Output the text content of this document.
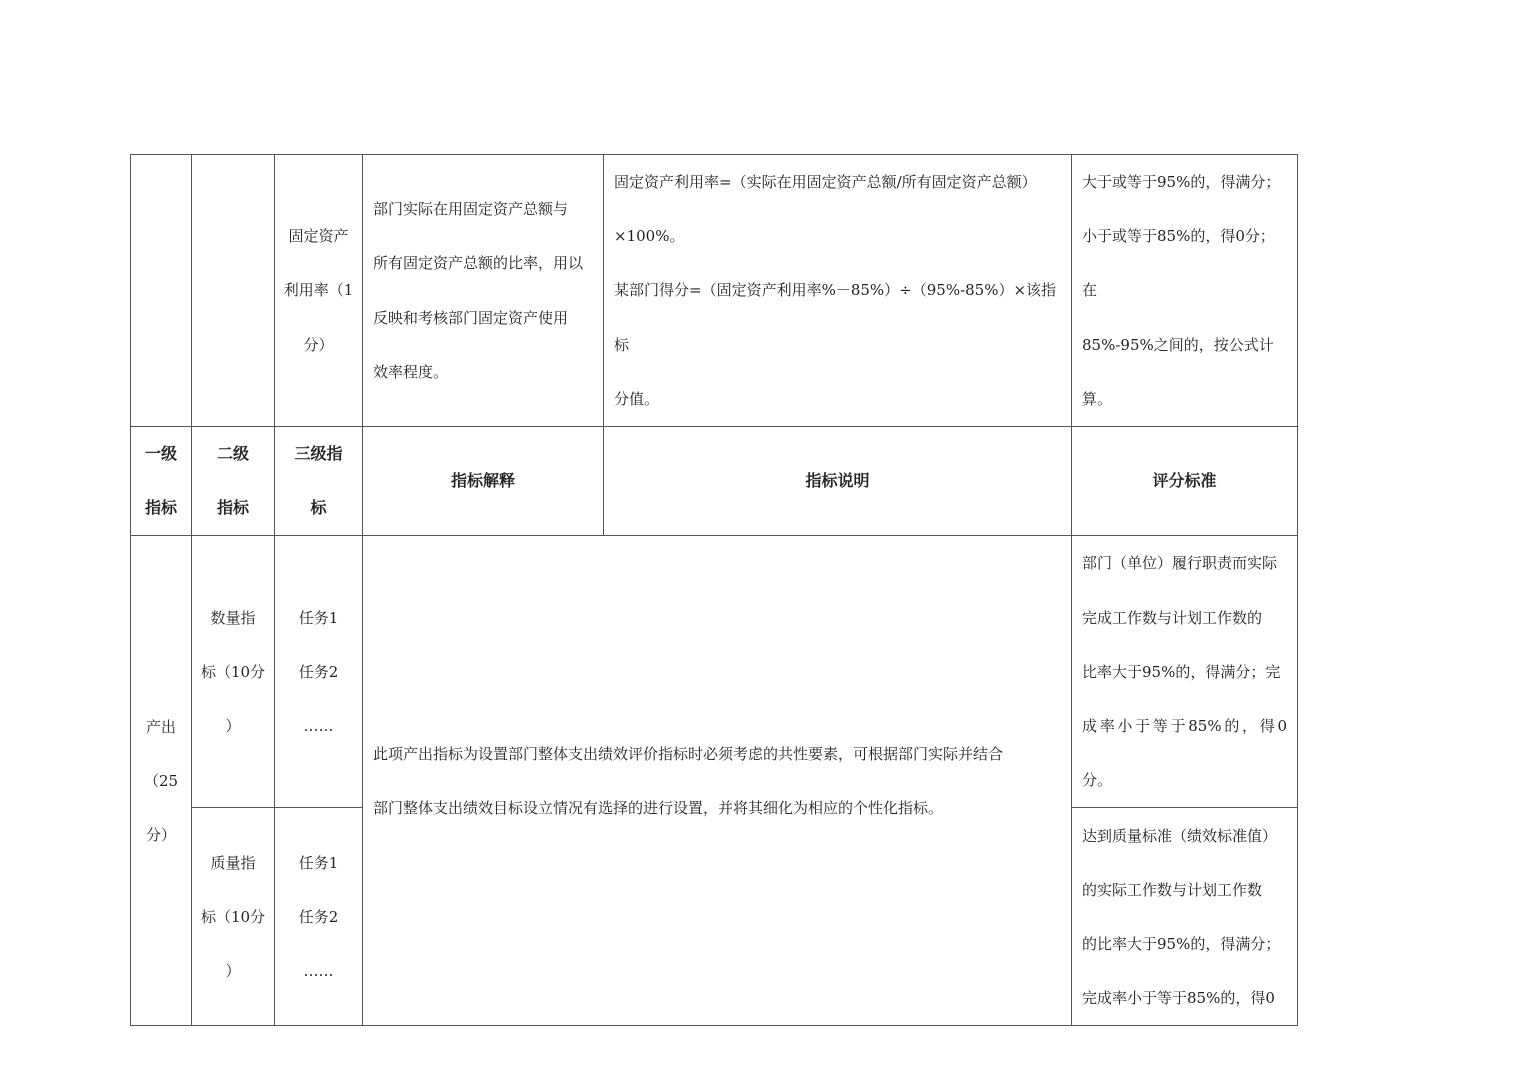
		固定资产
利用率（1
分）	部门实际在用固定资产总额与
所有固定资产总额的比率，用以
反映和考核部门固定资产使用
效率程度。	固定资产利用率=（实际在用固定资产总额/所有固定资产总额）
×100%。
某部门得分=（固定资产利用率%－85%）÷（95%-85%）×该指标
分值。	大于或等于95%的，得满分；
小于或等于85%的，得0分；在
85%-95%之间的，按公式计算。

一级
指标	二级
指标	三级指
标	指标解释	指标说明	评分标准

产出
（25
分）	数量指
标（10分
）	任务1
任务2
……	此项产出指标为设置部门整体支出绩效评价指标时必须考虑的共性要素，可根据部门实际并结合
部门整体支出绩效目标设立情况有选择的进行设置，并将其细化为相应的个性化指标。		部门（单位）履行职责而实际
完成工作数与计划工作数的
比率大于95%的，得满分；完
成率小于等于85%的，得0分。

	质量指
标（10分
）	任务1
任务2
……			达到质量标准（绩效标准值）
的实际工作数与计划工作数
的比率大于95%的，得满分；
完成率小于等于85%的，得0
